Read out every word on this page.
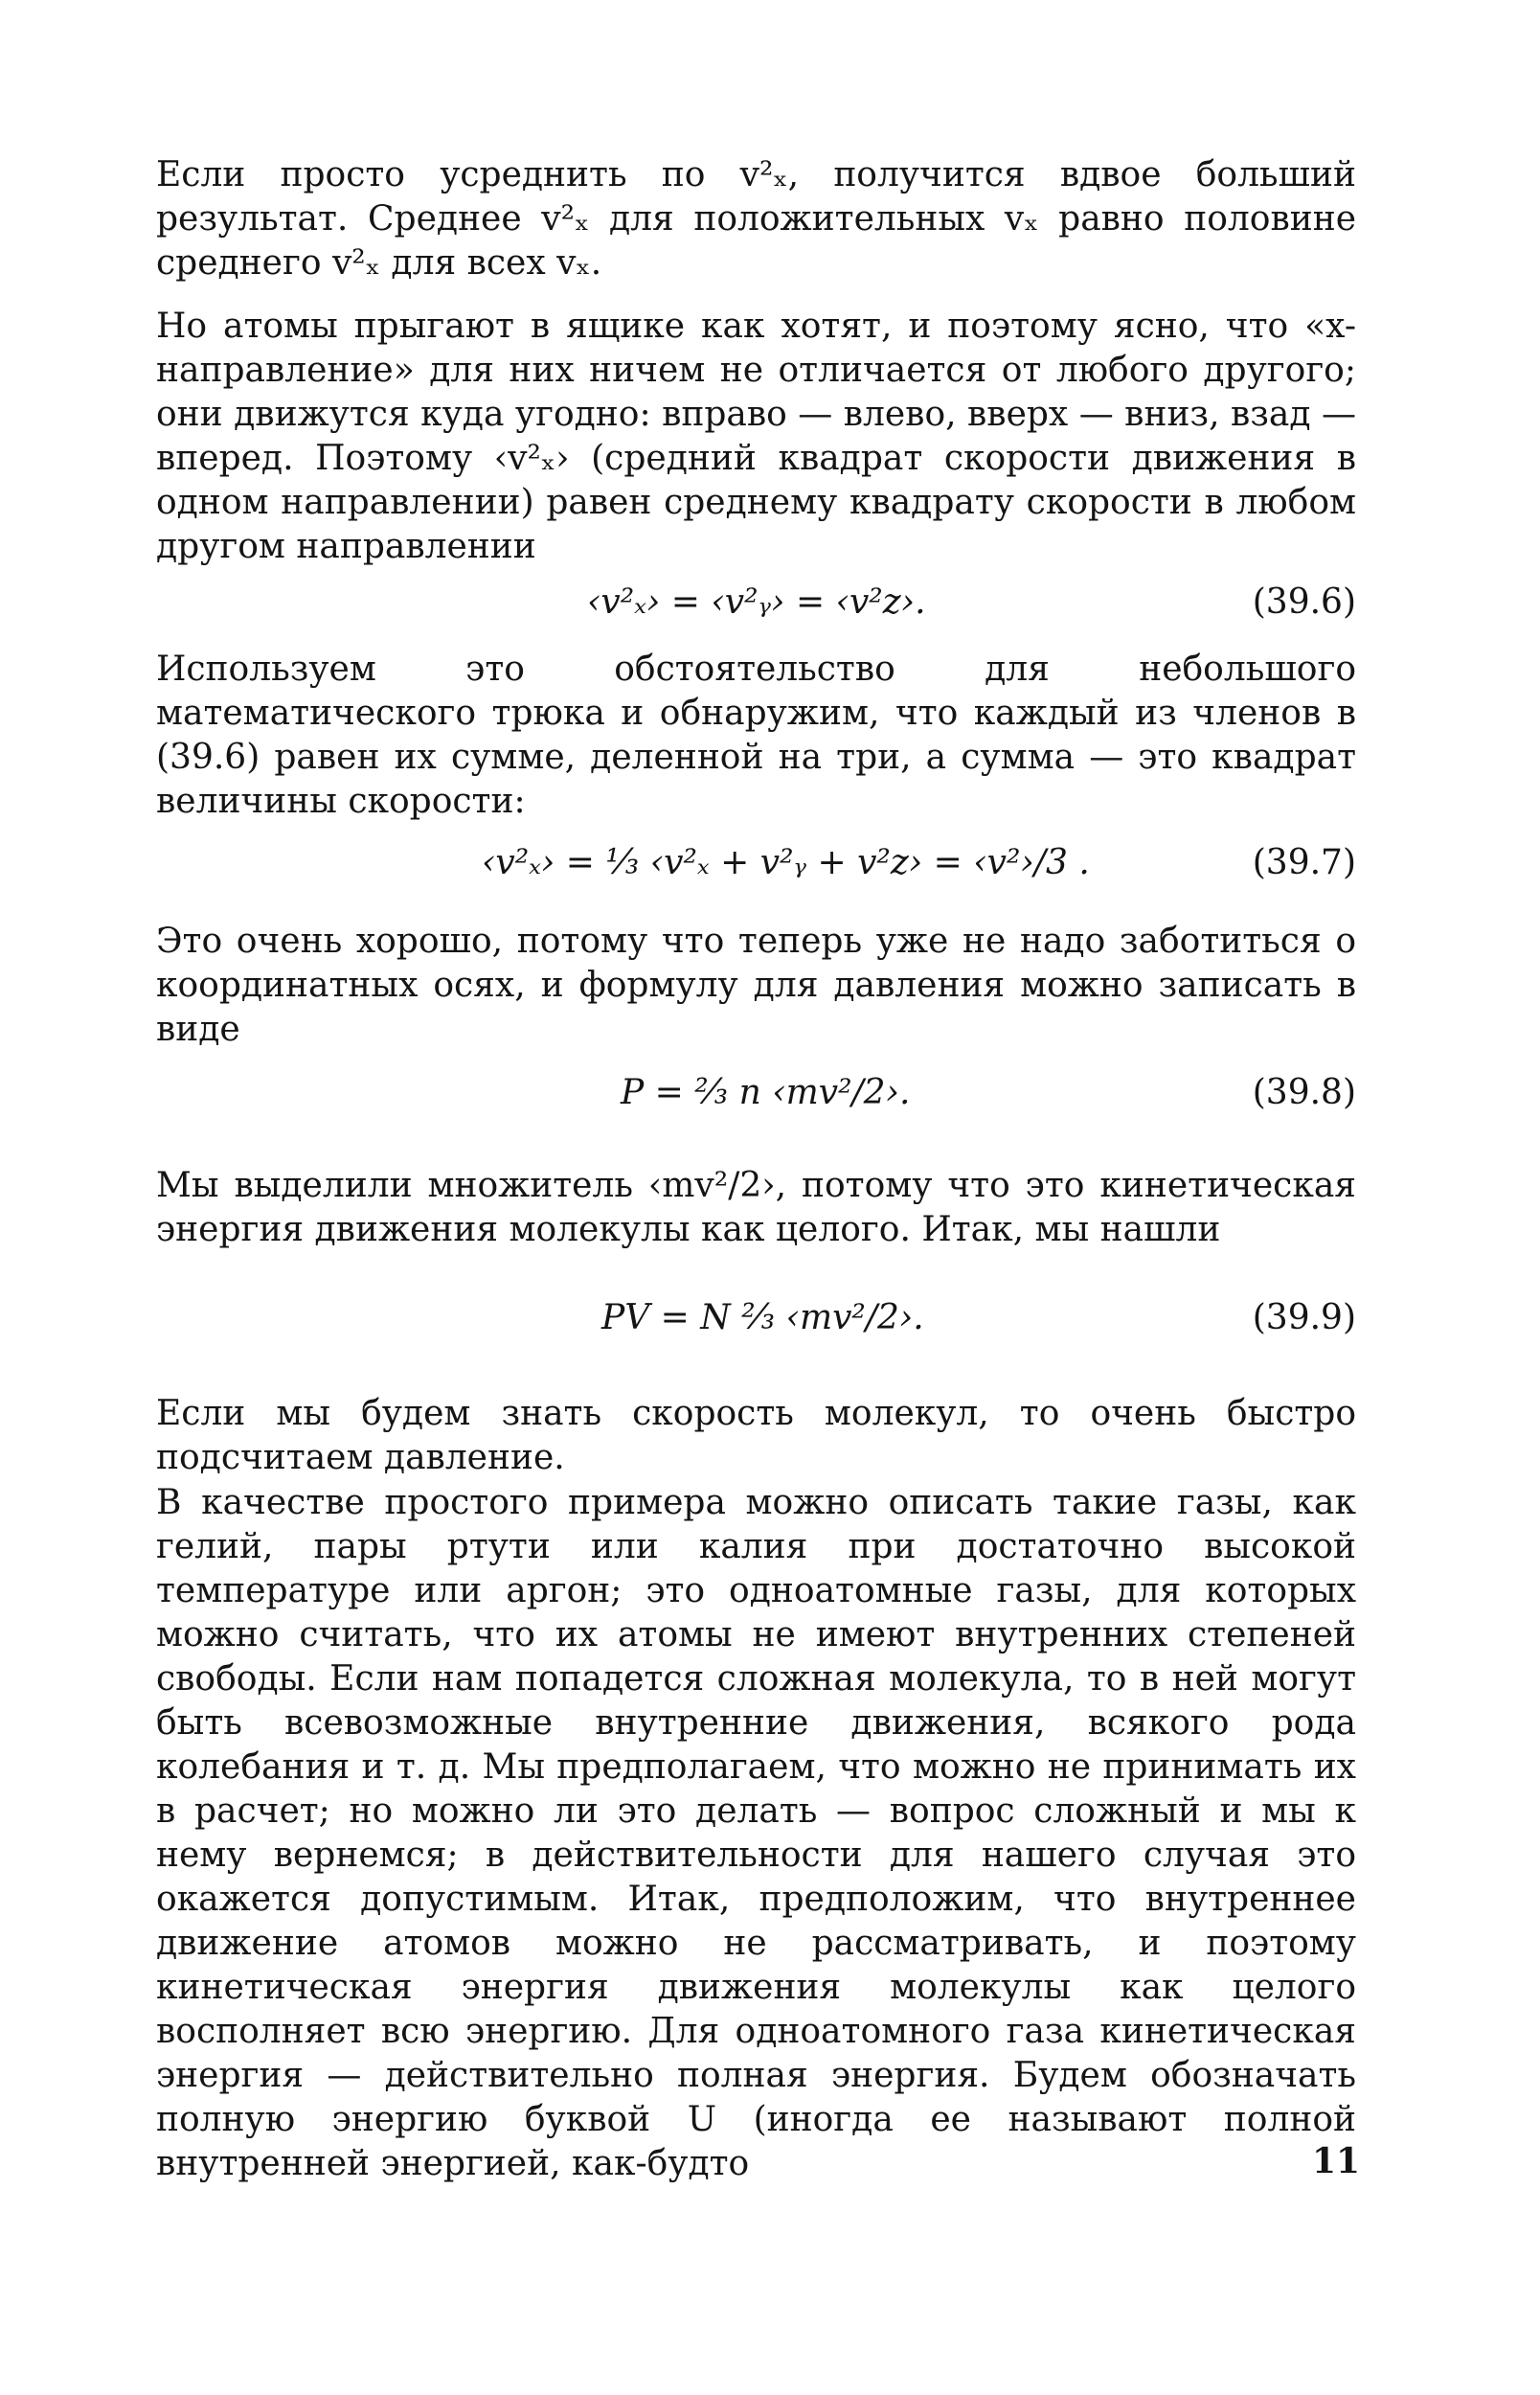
Если просто усреднить по v²ₓ, получится вдвое больший результат. Среднее v²ₓ для положительных vₓ равно половине среднего v²ₓ для всех vₓ.

Но атомы прыгают в ящике как хотят, и поэтому ясно, что «x-направление» для них ничем не отличается от любого другого; они движутся куда угодно: вправо — влево, вверх — вниз, взад — вперед. Поэтому ‹v²ₓ› (средний квадрат скорости движения в одном направлении) равен среднему квадрату скорости в любом другом направлении

‹v²ₓ› = ‹v²ᵧ› = ‹v²𝑧›.	(39.6)

Используем это обстоятельство для небольшого математического трюка и обнаружим, что каждый из членов в (39.6) равен их сумме, деленной на три, а сумма — это квадрат величины скорости:

‹v²ₓ› = ⅓ ‹v²ₓ + v²ᵧ + v²𝑧› = ‹v²›/3 .	(39.7)

Это очень хорошо, потому что теперь уже не надо заботиться о координатных осях, и формулу для давления можно записать в виде

P = ⅔ n ‹mv²/2›.	(39.8)

Мы выделили множитель ‹mv²/2›, потому что это кинетическая энергия движения молекулы как целого. Итак, мы нашли

PV = N ⅔ ‹mv²/2›.	(39.9)

Если мы будем знать скорость молекул, то очень быстро подсчитаем давление.

В качестве простого примера можно описать такие газы, как гелий, пары ртути или калия при достаточно высокой температуре или аргон; это одноатомные газы, для которых можно считать, что их атомы не имеют внутренних степеней свободы. Если нам попадется сложная молекула, то в ней могут быть всевозможные внутренние движения, всякого рода колебания и т. д. Мы предполагаем, что можно не принимать их в расчет; но можно ли это делать — вопрос сложный и мы к нему вернемся; в действительности для нашего случая это окажется допустимым. Итак, предположим, что внутреннее движение атомов можно не рассматривать, и поэтому кинетическая энергия движения молекулы как целого восполняет всю энергию. Для одноатомного газа кинетическая энергия — действительно полная энергия. Будем обозначать полную энергию буквой U (иногда ее называют полной внутренней энергией, как-будто	11
